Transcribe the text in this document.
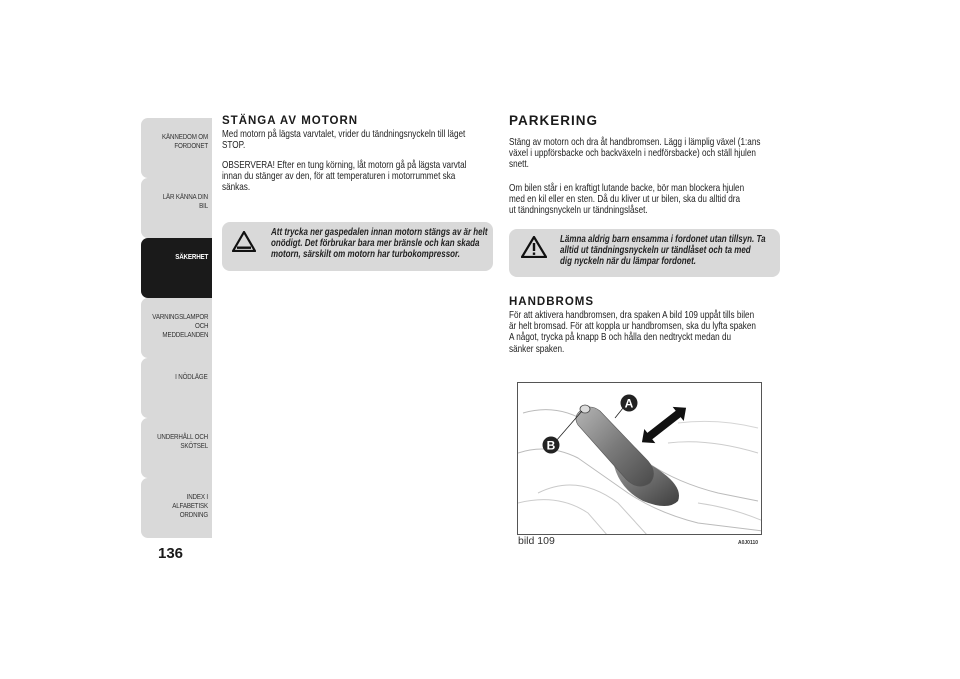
KÄNNEDOM OM FORDONET
LÄR KÄNNA DIN BIL
SÄKERHET
VARNINGSLAMPOR OCH MEDDELANDEN
I NÖDLÄGE
UNDERHÅLL OCH SKÖTSEL
INDEX I ALFABETISK ORDNING
136
STÄNGA AV MOTORN
Med motorn på lägsta varvtalet, vrider du tändningsnyckeln till läget
STOP.
OBSERVERA! Efter en tung körning, låt motorn gå på lägsta varvtal
innan du stänger av den, för att temperaturen i motorrummet ska
sänkas.
Att trycka ner gaspedalen innan motorn stängs av är helt
onödigt. Det förbrukar bara mer bränsle och kan skada
motorn, särskilt om motorn har turbokompressor.
PARKERING
Stäng av motorn och dra åt handbromsen. Lägg i lämplig växel (1:ans
växel i uppförsbacke och backväxeln i nedförsbacke) och ställ hjulen
snett.
Om bilen står i en kraftigt lutande backe, bör man blockera hjulen
med en kil eller en sten. Då du kliver ut ur bilen, ska du alltid dra
ut tändningsnyckeln ur tändningslåset.
Lämna aldrig barn ensamma i fordonet utan tillsyn. Ta
alltid ut tändningsnyckeln ur tändlåset och ta med
dig nyckeln när du lämpar fordonet.
HANDBROMS
För att aktivera handbromsen, dra spaken A bild 109 uppåt tills bilen
är helt bromsad. För att koppla ur handbromsen, ska du lyfta spaken
A något, trycka på knapp B och hålla den nedtryckt medan du
sänker spaken.
A
B
bild 109	A0J0110
